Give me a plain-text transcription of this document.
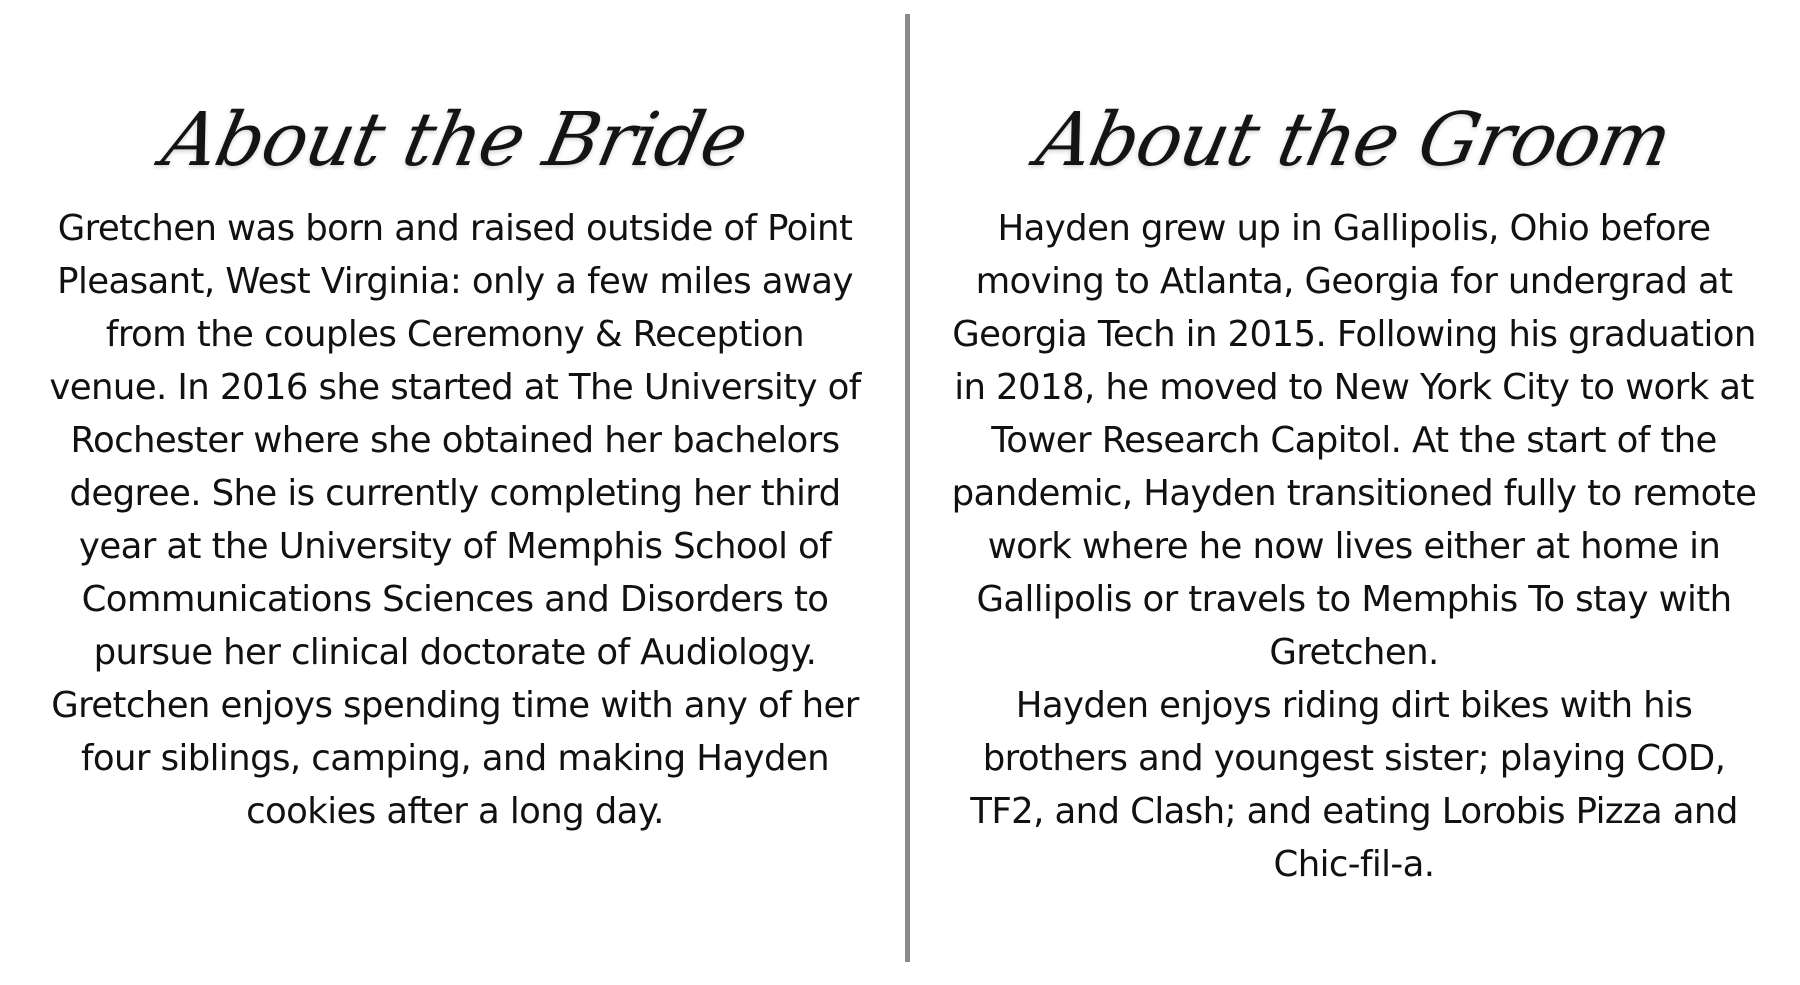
About the Bride

Gretchen was born and raised outside of Point
Pleasant, West Virginia: only a few miles away
from the couples Ceremony & Reception
venue. In 2016 she started at The University of
Rochester where she obtained her bachelors
degree. She is currently completing her third
year at the University of Memphis School of
Communications Sciences and Disorders to
pursue her clinical doctorate of Audiology.
Gretchen enjoys spending time with any of her
four siblings, camping, and making Hayden
cookies after a long day.

About the Groom

Hayden grew up in Gallipolis, Ohio before
moving to Atlanta, Georgia for undergrad at
Georgia Tech in 2015. Following his graduation
in 2018, he moved to New York City to work at
Tower Research Capitol. At the start of the
pandemic, Hayden transitioned fully to remote
work where he now lives either at home in
Gallipolis or travels to Memphis To stay with
Gretchen.
Hayden enjoys riding dirt bikes with his
brothers and youngest sister; playing COD,
TF2, and Clash; and eating Lorobis Pizza and
Chic-fil-a.
